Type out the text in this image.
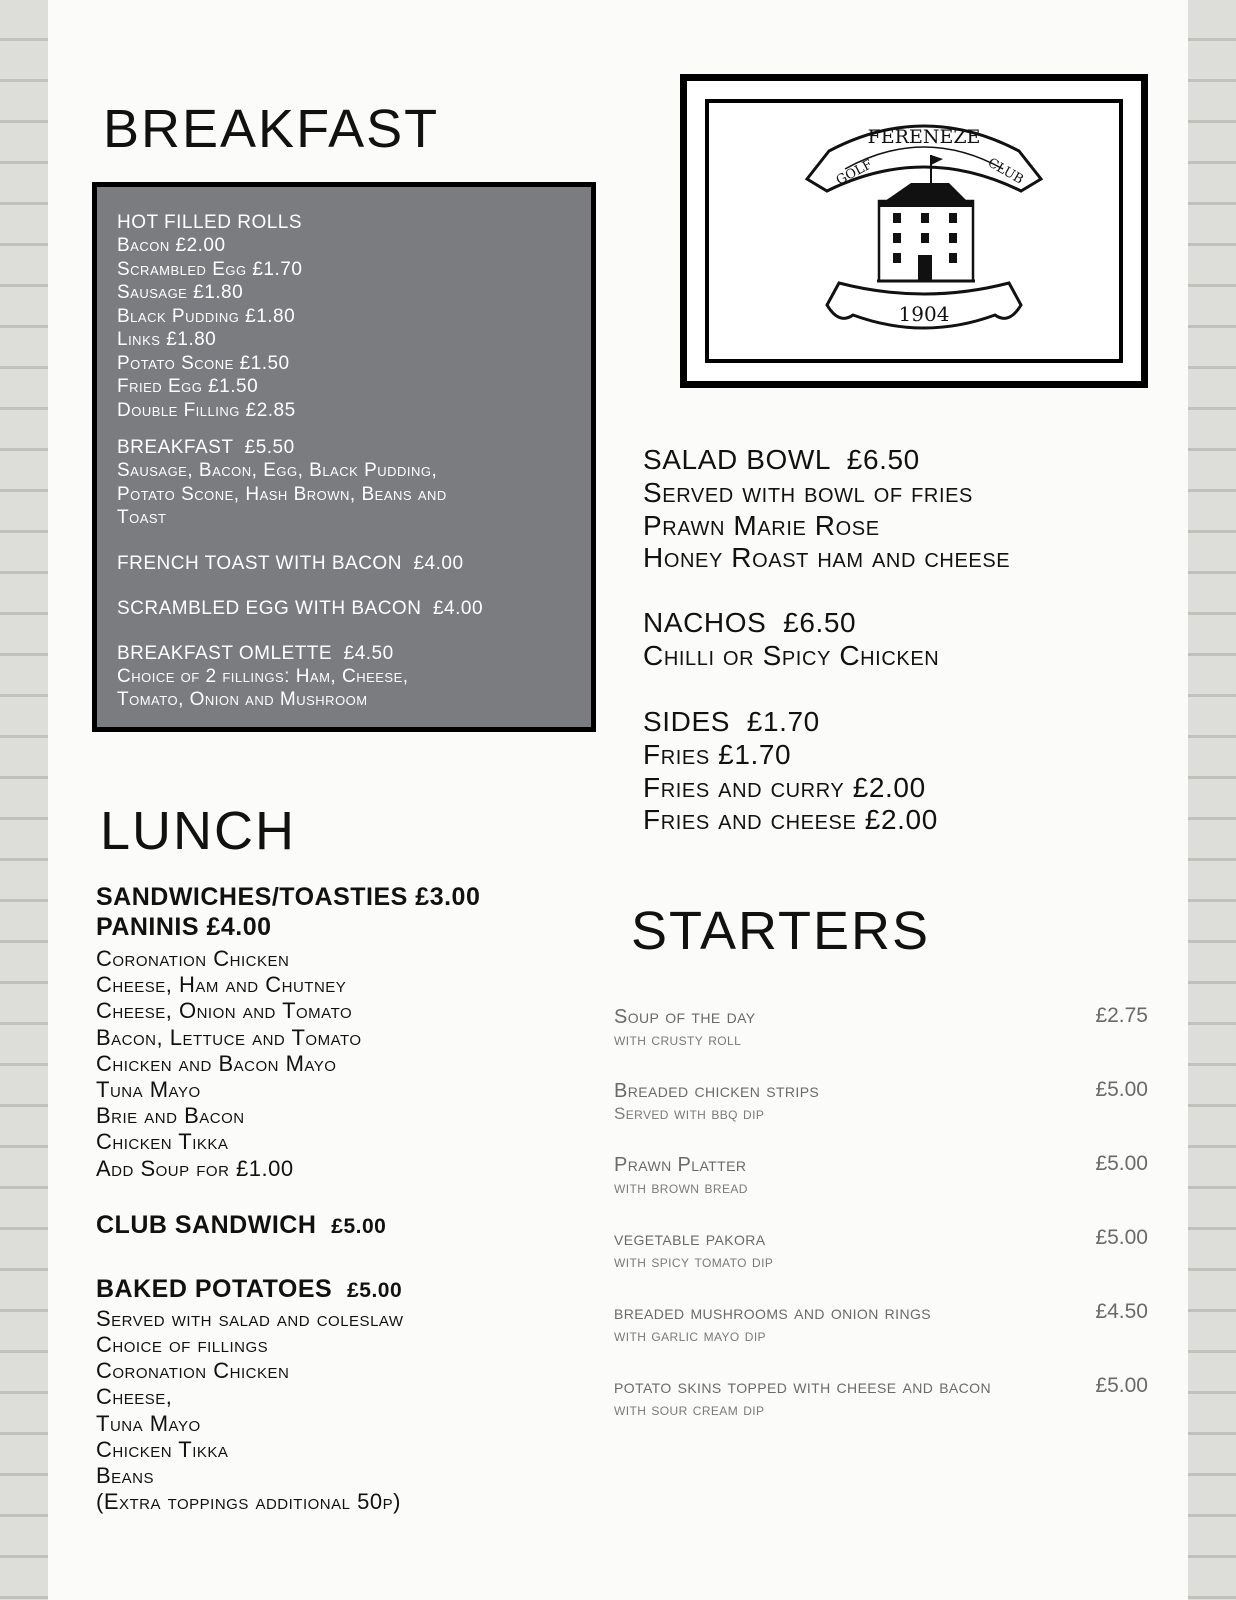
BREAKFAST
HOT FILLED ROLLS
Bacon £2.00
Scrambled Egg £1.70
Sausage £1.80
Black Pudding £1.80
Links £1.80
Potato Scone £1.50
Fried Egg £1.50
Double Filling £2.85
BREAKFAST  £5.50
Sausage, Bacon, Egg, Black Pudding,
Potato Scone, Hash Brown, Beans and
Toast
FRENCH TOAST WITH BACON  £4.00
SCRAMBLED EGG WITH BACON  £4.00
BREAKFAST OMLETTE  £4.50
Choice of 2 fillings: Ham, Cheese,
Tomato, Onion and Mushroom
FERENEZE
GOLF	CLUB
1904
SALAD BOWL  £6.50
Served with bowl of fries
Prawn Marie Rose
Honey Roast ham and cheese
NACHOS  £6.50
Chilli or Spicy Chicken
SIDES  £1.70
Fries £1.70
Fries and curry £2.00
Fries and cheese £2.00
LUNCH
SANDWICHES/TOASTIES £3.00
PANINIS £4.00
Coronation Chicken
Cheese, Ham and Chutney
Cheese, Onion and Tomato
Bacon, Lettuce and Tomato
Chicken and Bacon Mayo
Tuna Mayo
Brie and Bacon
Chicken Tikka
Add Soup for £1.00
CLUB SANDWICH £5.00
BAKED POTATOES £5.00
Served with salad and coleslaw
Choice of fillings
Coronation Chicken
Cheese,
Tuna Mayo
Chicken Tikka
Beans
(Extra toppings additional 50p)
STARTERS
Soup of the day
with crusty roll
£2.75
Breaded chicken strips
Served with bbq dip
£5.00
Prawn Platter
with brown bread
£5.00
vegetable pakora
with spicy tomato dip
£5.00
breaded mushrooms and onion rings
with garlic mayo dip
£4.50
potato skins topped with cheese and bacon
with sour cream dip
£5.00
